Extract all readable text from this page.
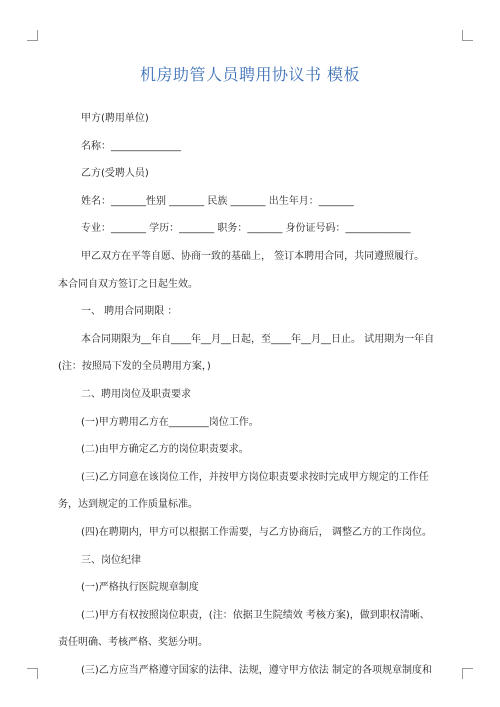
机房助管人员聘用协议书 模板
甲方(聘用单位)
名称：______________
乙方(受聘人员)
姓名：_______性别 _______ 民族 _______ 出生年月：_______
专业：_______ 学历：_______ 职务：_______ 身份证号码：_____________
甲乙双方在平等自愿、协商一致的基础上， 签订本聘用合同，共同遵照履行。
本合同自双方签订之日起生效。
一、 聘用合同期限 ：
本合同期限为__年自____年__月__日起，至____年__月__日止。 试用期为一年自
(注：按照局下发的全员聘用方案，)
二、聘用岗位及职责要求
(一)甲方聘用乙方在________岗位工作。
(二)由甲方确定乙方的岗位职责要求。
(三)乙方同意在该岗位工作，并按甲方岗位职责要求按时完成甲方规定的工作任
务，达到规定的工作质量标准。
(四)在聘期内，甲方可以根据工作需要，与乙方协商后， 调整乙方的工作岗位。
三、岗位纪律
(一)严格执行医院规章制度
(二)甲方有权按照岗位职责，(注：依据卫生院绩效 考核方案)，做到职权清晰、
责任明确、考核严格、奖惩分明。
(三)乙方应当严格遵守国家的法律、法规，遵守甲方依法 制定的各项规章制度和
